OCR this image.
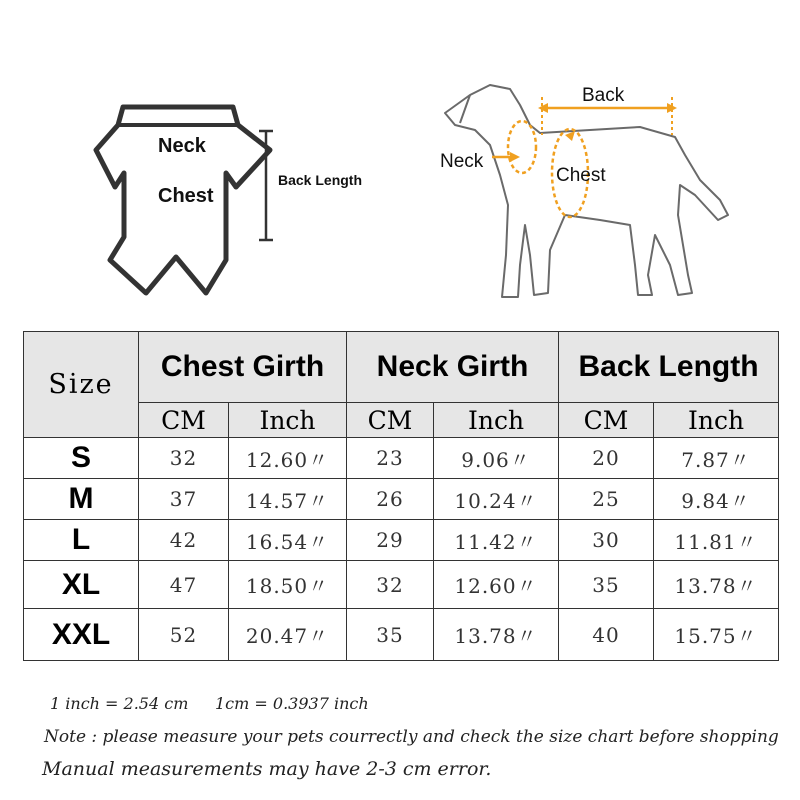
Neck
Chest
Back Length
Back
Neck
Chest
Size	Chest Girth		Neck Girth		Back Length	
	CM	Inch	CM	Inch	CM	Inch
S	32	12.60〃	23	9.06〃	20	7.87〃
M	37	14.57〃	26	10.24〃	25	9.84〃
L	42	16.54〃	29	11.42〃	30	11.81〃
XL	47	18.50〃	32	12.60〃	35	13.78〃
XXL	52	20.47〃	35	13.78〃	40	15.75〃
1 inch = 2.54 cm 1cm = 0.3937 inch
Note : please measure your pets courrectly and check the size chart before shopping
Manual measurements may have 2-3 cm error.
